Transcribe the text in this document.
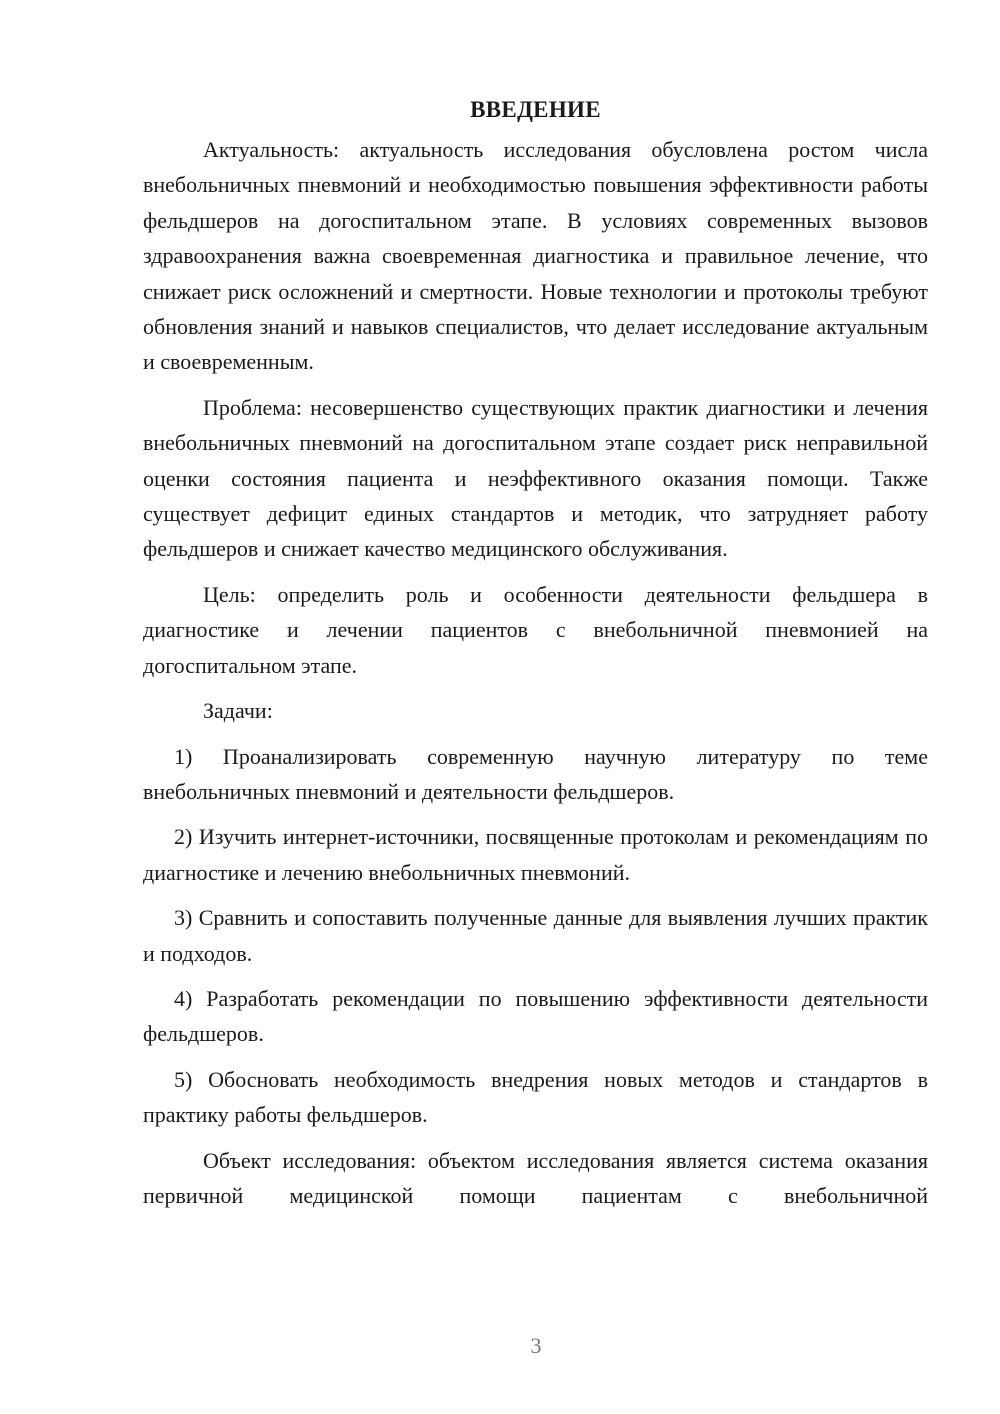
ВВЕДЕНИЕ

Актуальность: актуальность исследования обусловлена ростом числа внебольничных пневмоний и необходимостью повышения эффективности работы фельдшеров на догоспитальном этапе. В условиях современных вызовов здравоохранения важна своевременная диагностика и правильное лечение, что снижает риск осложнений и смертности. Новые технологии и протоколы требуют обновления знаний и навыков специалистов, что делает исследование актуальным и своевременным.

Проблема: несовершенство существующих практик диагностики и лечения внебольничных пневмоний на догоспитальном этапе создает риск неправильной оценки состояния пациента и неэффективного оказания помощи. Также существует дефицит единых стандартов и методик, что затрудняет работу фельдшеров и снижает качество медицинского обслуживания.

Цель: определить роль и особенности деятельности фельдшера в диагностике и лечении пациентов с внебольничной пневмонией на догоспитальном этапе.

Задачи:

1) Проанализировать современную научную литературу по теме внебольничных пневмоний и деятельности фельдшеров.

2) Изучить интернет-источники, посвященные протоколам и рекомендациям по диагностике и лечению внебольничных пневмоний.

3) Сравнить и сопоставить полученные данные для выявления лучших практик и подходов.

4) Разработать рекомендации по повышению эффективности деятельности фельдшеров.

5) Обосновать необходимость внедрения новых методов и стандартов в практику работы фельдшеров.

Объект исследования: объектом исследования является система оказания первичной медицинской помощи пациентам с внебольничной

3
